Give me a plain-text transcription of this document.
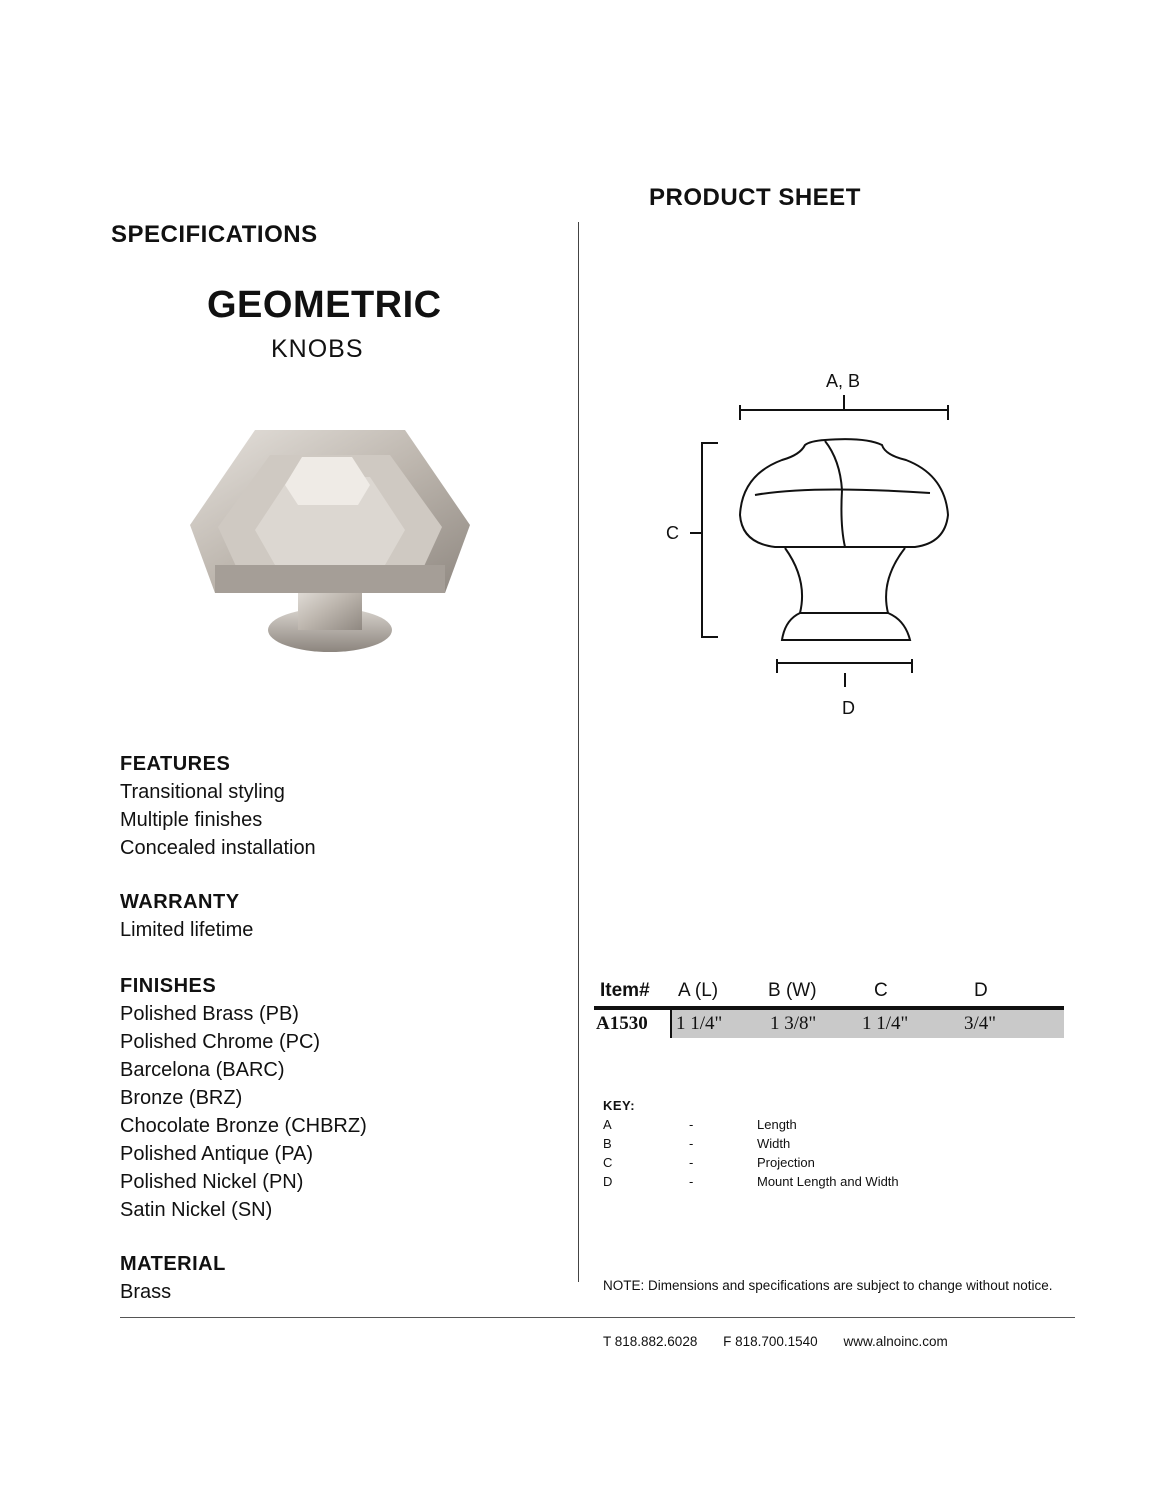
PRODUCT SHEET
SPECIFICATIONS
GEOMETRIC
KNOBS
A, B
C
D
FEATURES
Transitional styling
Multiple finishes
Concealed installation
WARRANTY
Limited lifetime
FINISHES
Polished Brass (PB)
Polished Chrome (PC)
Barcelona (BARC)
Bronze (BRZ)
Chocolate Bronze (CHBRZ)
Polished Antique (PA)
Polished Nickel (PN)
Satin Nickel (SN)
MATERIAL
Brass
Item# A (L)	B (W)	C	D
A1530 1 1/4"	1 3/8" 1 1/4"	3/4"
KEY:
A	-	Length
B	-	Width
C	-	Projection
D	-	Mount Length and Width
NOTE: Dimensions and specifications are subject to change without notice.
T 818.882.6028 F 818.700.1540 www.alnoinc.com
